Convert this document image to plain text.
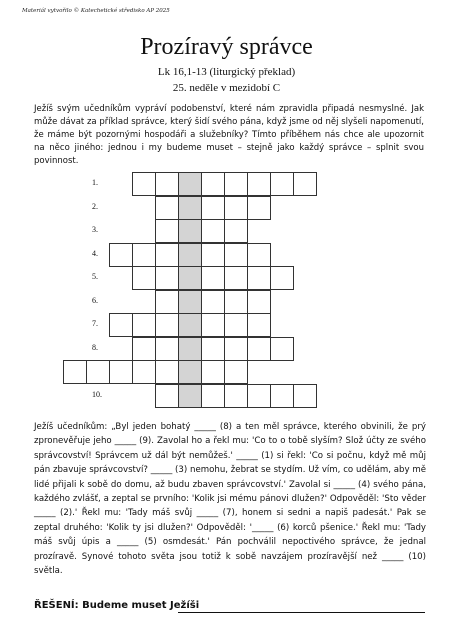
Materiál vytvořilo © Katechetické středisko AP 2025
Prozíravý správce
Lk 16,1-13 (liturgický překlad)
25. neděle v mezidobí C
Ježíš svým učedníkům vypráví podobenství, které nám zpravidla připadá nesmyslné. Jak může dávat za příklad správce, který šidí svého pána, když jsme od něj slyšeli napomenutí, že máme být pozornými hospodáři a služebníky? Tímto příběhem nás chce ale upozornit na něco jiného: jednou i my budeme muset – stejně jako každý správce – splnit svou povinnost.
1.
2.
3.
4.
5.
6.
7.
8.
10.
Ježíš učedníkům: „Byl jeden bohatý _____ (8) a ten měl správce, kterého obvinili, že prý zpronevěřuje jeho _____ (9). Zavolal ho a řekl mu: 'Co to o tobě slyším? Slož účty ze svého správcovství! Správcem už dál být nemůžeš.' _____ (1) si řekl: 'Co si počnu, když mě můj pán zbavuje správcovství? _____ (3) nemohu, žebrat se stydím. Už vím, co udělám, aby mě lidé přijali k sobě do domu, až budu zbaven správcovství.' Zavolal si _____ (4) svého pána, každého zvlášť, a zeptal se prvního: 'Kolik jsi mému pánovi dlužen?' Odpověděl: 'Sto věder _____ (2).' Řekl mu: 'Tady máš svůj _____ (7), honem si sedni a napiš padesát.' Pak se zeptal druhého: 'Kolik ty jsi dlužen?' Odpověděl: '_____ (6) korců pšenice.' Řekl mu: 'Tady máš svůj úpis a _____ (5) osmdesát.' Pán pochválil nepoctivého správce, že jednal prozíravě. Synové tohoto světa jsou totiž k sobě navzájem prozíravější než _____ (10) světla.
ŘEŠENÍ: Budeme muset Ježíši
